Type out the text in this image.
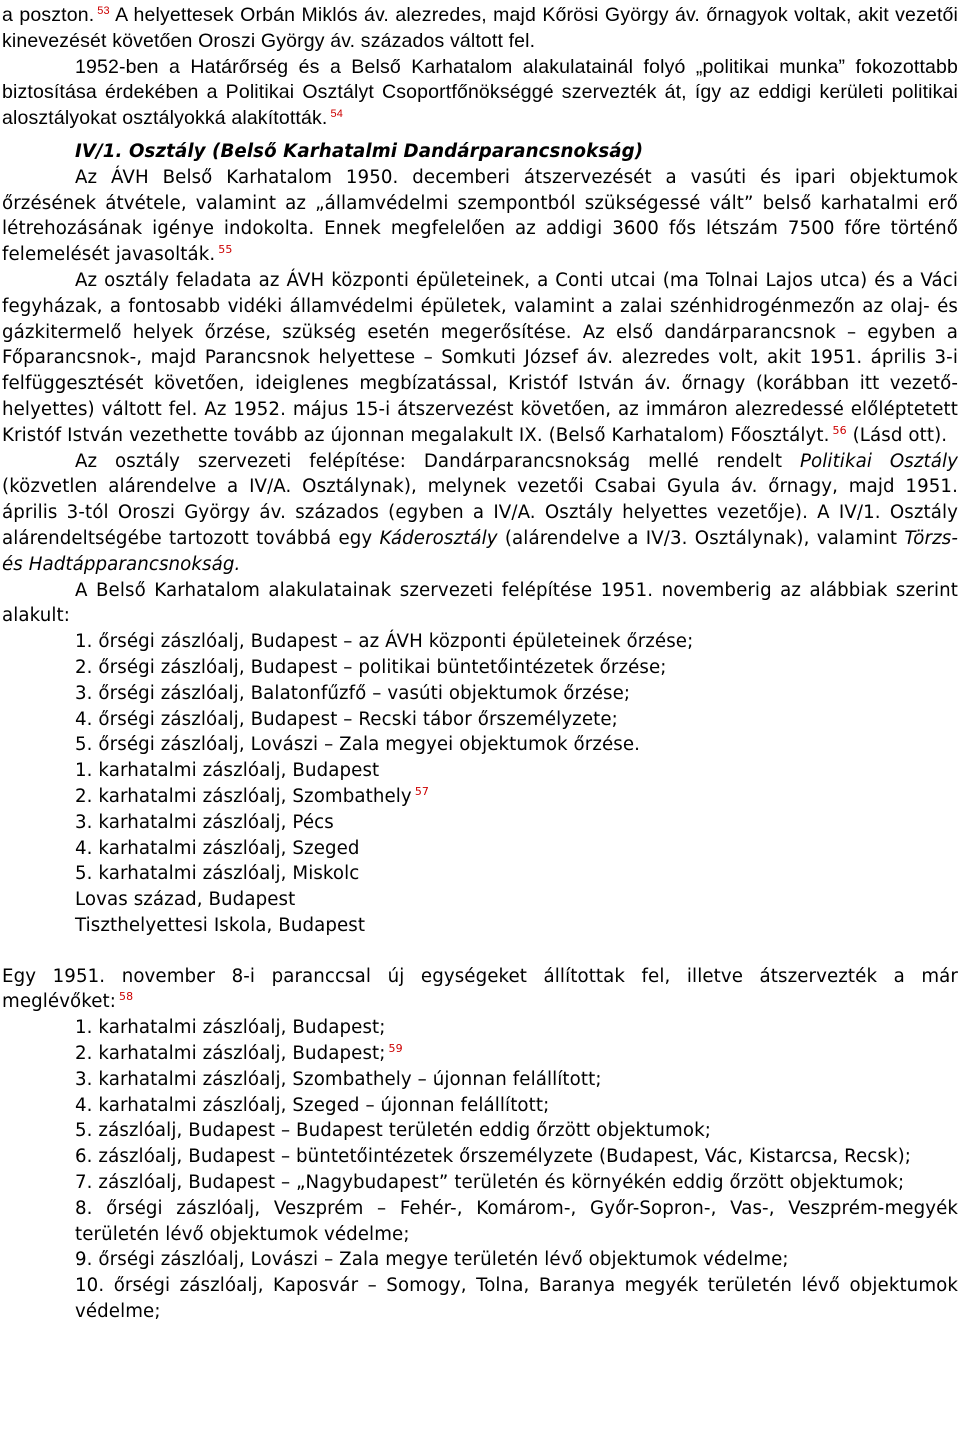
a poszton. $^{53}$ A helyettesek Orbán Miklós áv. alezredes, majd Kőrösi György áv. őrnagyok voltak, akit vezetői kinevezését követően Oroszi György áv. százados váltott fel.

1952-ben a Határőrség és a Belső Karhatalom alakulatainál folyó „politikai munka” fokozottabb biztosítása érdekében a Politikai Osztályt Csoportfőnökséggé szervezték át, így az eddigi kerületi politikai alosztályokat osztályokká alakították. $^{54}$

IV/1. Osztály (Belső Karhatalmi Dandárparancsnokság)

Az ÁVH Belső Karhatalom 1950. decemberi átszervezését a vasúti és ipari objektumok őrzésének átvétele, valamint az „államvédelmi szempontból szükségessé vált” belső karhatalmi erő létrehozásának igénye indokolta. Ennek megfelelően az addigi 3600 fős létszám 7500 főre történő felemelését javasolták. $^{55}$

Az osztály feladata az ÁVH központi épületeinek, a Conti utcai (ma Tolnai Lajos utca) és a Váci fegyházak, a fontosabb vidéki államvédelmi épületek, valamint a zalai szénhidrogénmezőn az olaj- és gázkitermelő helyek őrzése, szükség esetén megerősítése. Az első dandárparancsnok – egyben a Főparancsnok-, majd Parancsnok helyettese – Somkuti József áv. alezredes volt, akit 1951. április 3-i felfüggesztését követően, ideiglenes megbízatással, Kristóf István áv. őrnagy (korábban itt vezető-helyettes) váltott fel. Az 1952. május 15-i átszervezést követően, az immáron alezredessé előléptetett Kristóf István vezethette tovább az újonnan megalakult IX. (Belső Karhatalom) Főosztályt. $^{56}$ (Lásd ott).

Az osztály szervezeti felépítése: Dandárparancsnokság mellé rendelt Politikai Osztály (közvetlen alárendelve a IV/A. Osztálynak), melynek vezetői Csabai Gyula áv. őrnagy, majd 1951. április 3-tól Oroszi György áv. százados (egyben a IV/A. Osztály helyettes vezetője). A IV/1. Osztály alárendeltségébe tartozott továbbá egy Káderosztály (alárendelve a IV/3. Osztálynak), valamint Törzs- és Hadtápparancsnokság.

A Belső Karhatalom alakulatainak szervezeti felépítése 1951. novemberig az alábbiak szerint alakult:

1. őrségi zászlóalj, Budapest – az ÁVH központi épületeinek őrzése;
2. őrségi zászlóalj, Budapest – politikai büntetőintézetek őrzése;
3. őrségi zászlóalj, Balatonfűzfő – vasúti objektumok őrzése;
4. őrségi zászlóalj, Budapest – Recski tábor őrszemélyzete;
5. őrségi zászlóalj, Lovászi – Zala megyei objektumok őrzése.
1. karhatalmi zászlóalj, Budapest
2. karhatalmi zászlóalj, Szombathely $^{57}$
3. karhatalmi zászlóalj, Pécs
4. karhatalmi zászlóalj, Szeged
5. karhatalmi zászlóalj, Miskolc
Lovas század, Budapest
Tiszthelyettesi Iskola, Budapest

Egy 1951. november 8-i paranccsal új egységeket állítottak fel, illetve átszervezték a már meglévőket: $^{58}$

1. karhatalmi zászlóalj, Budapest;
2. karhatalmi zászlóalj, Budapest; $^{59}$
3. karhatalmi zászlóalj, Szombathely – újonnan felállított;
4. karhatalmi zászlóalj, Szeged – újonnan felállított;
5. zászlóalj, Budapest – Budapest területén eddig őrzött objektumok;
6. zászlóalj, Budapest – büntetőintézetek őrszemélyzete (Budapest, Vác, Kistarcsa, Recsk);
7. zászlóalj, Budapest – „Nagybudapest” területén és környékén eddig őrzött objektumok;
8. őrségi zászlóalj, Veszprém – Fehér-, Komárom-, Győr-Sopron-, Vas-, Veszprém-megyék területén lévő objektumok védelme;
9. őrségi zászlóalj, Lovászi – Zala megye területén lévő objektumok védelme;
10. őrségi zászlóalj, Kaposvár – Somogy, Tolna, Baranya megyék területén lévő objektumok védelme;
